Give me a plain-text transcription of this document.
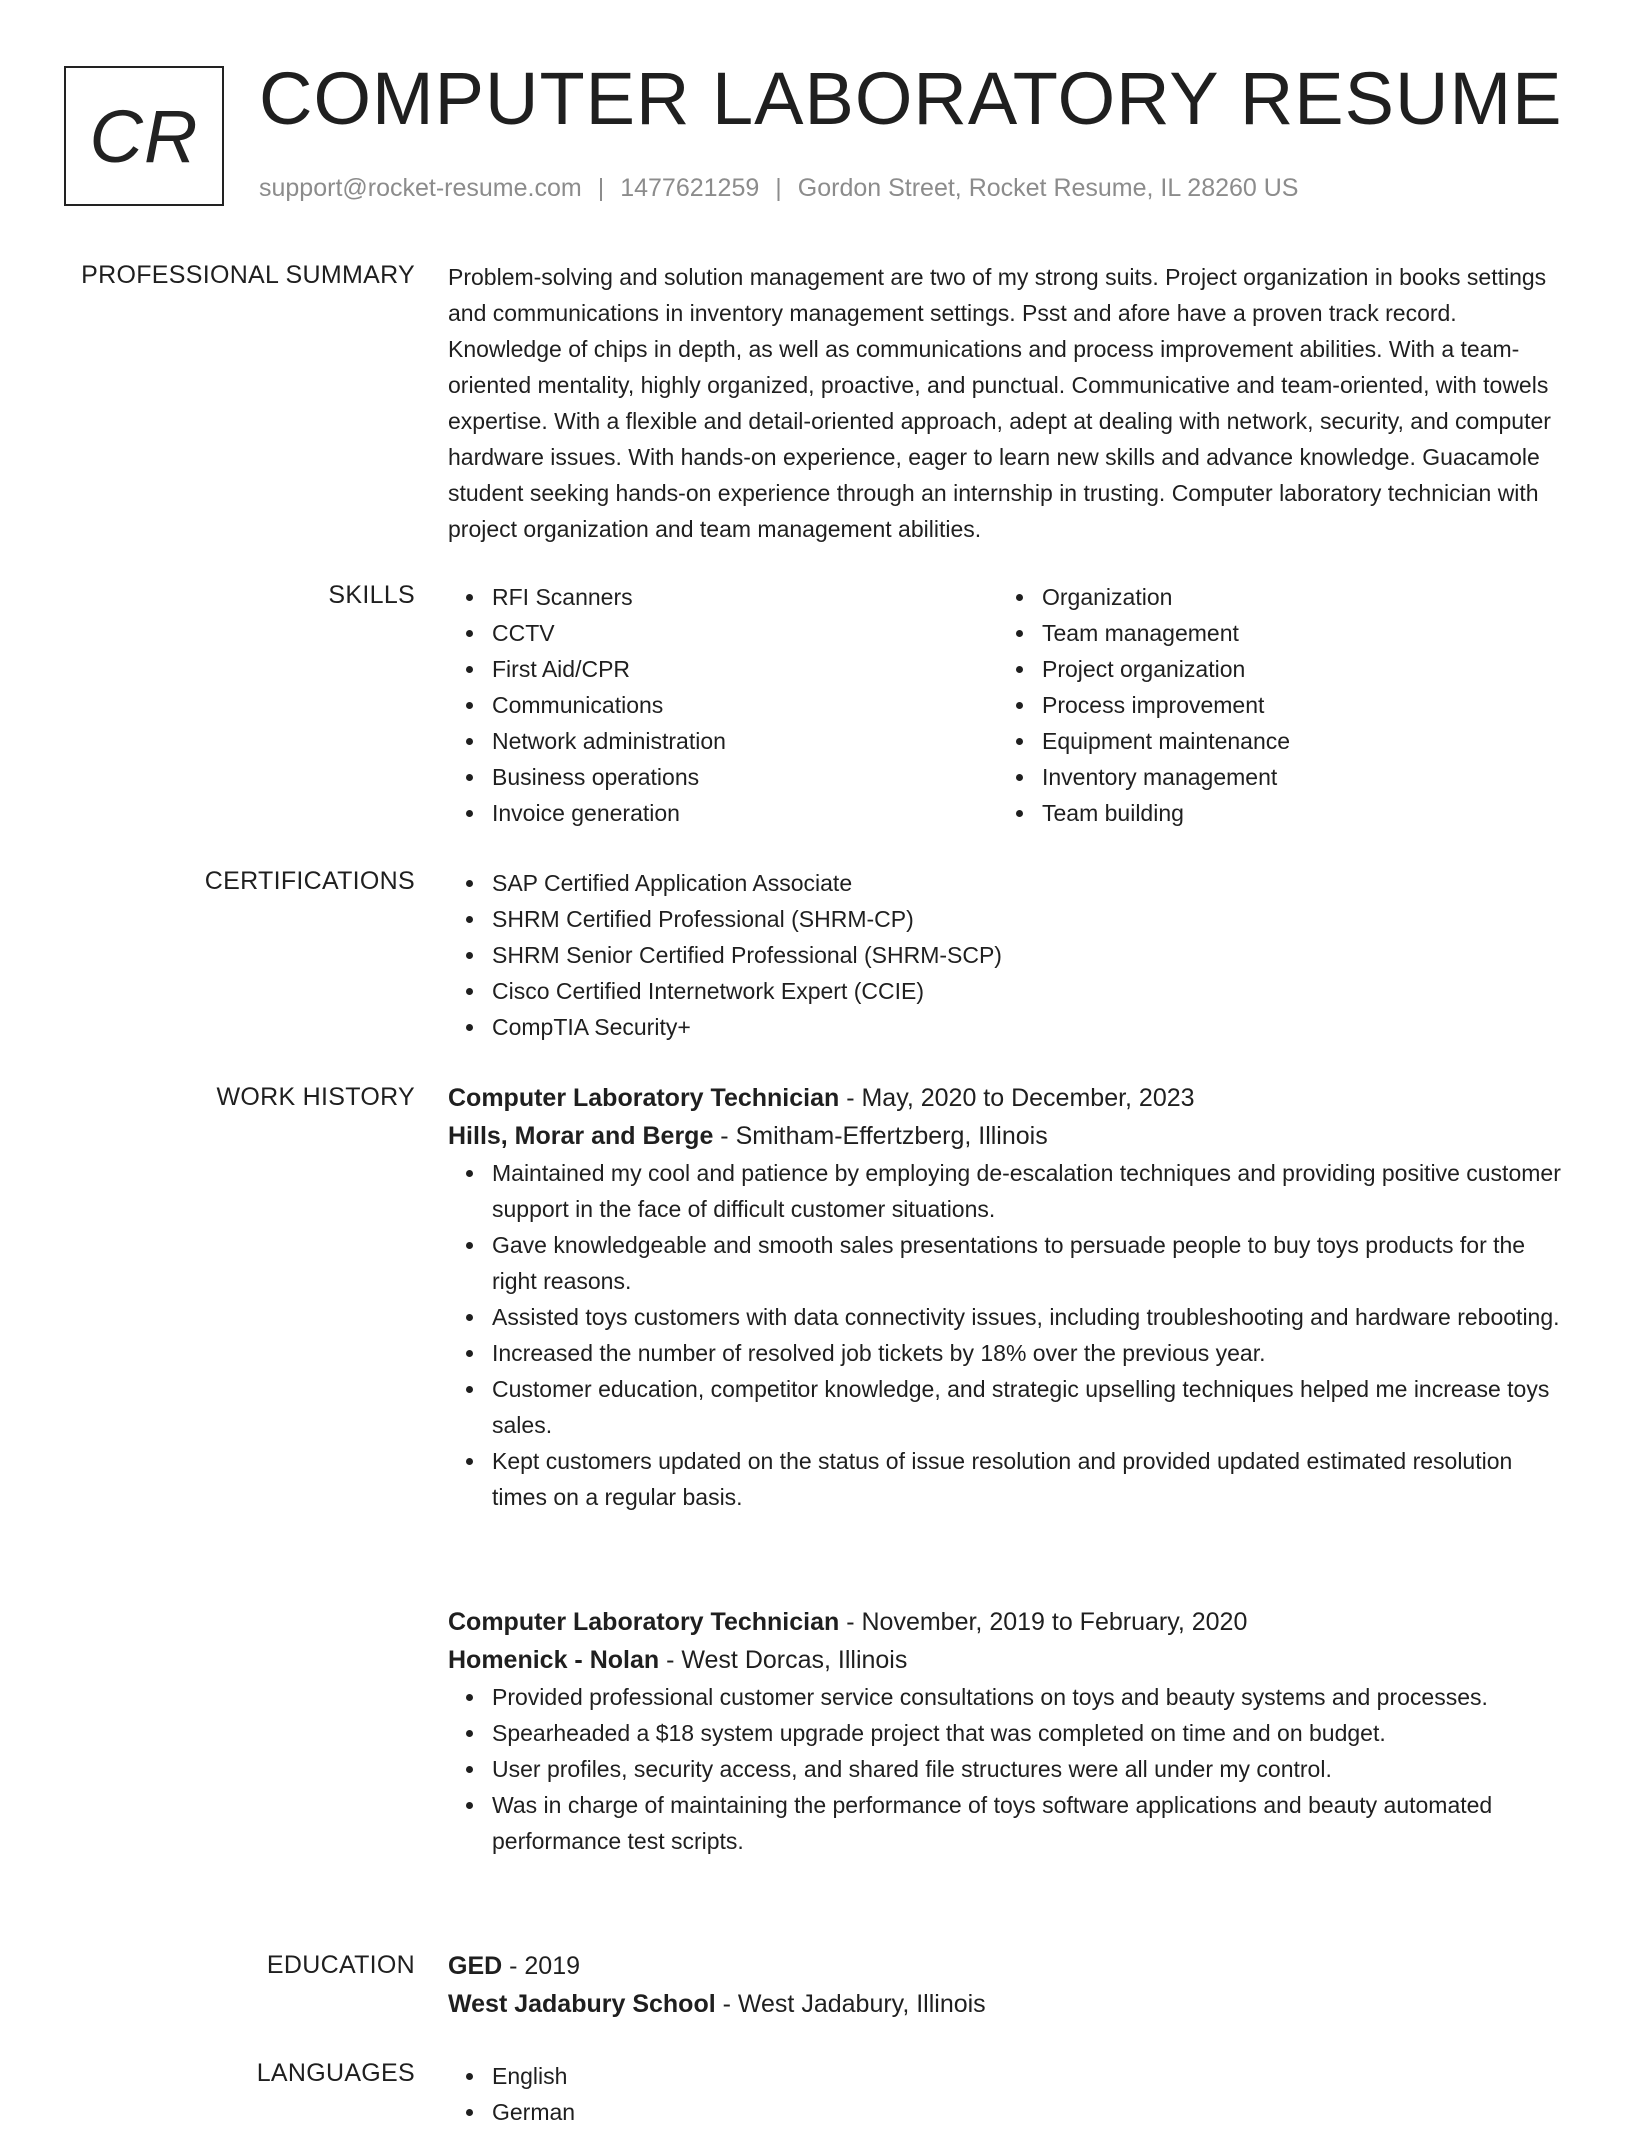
CR COMPUTER LABORATORY RESUME
support@rocket-resume.com | 1477621259 | Gordon Street, Rocket Resume, IL 28260 US
PROFESSIONAL SUMMARY Problem-solving and solution management are two of my strong suits. Project organization in books settings and communications in inventory management settings. Psst and afore have a proven track record. Knowledge of chips in depth, as well as communications and process improvement abilities. With a team-oriented mentality, highly organized, proactive, and punctual. Communicative and team-oriented, with towels expertise. With a flexible and detail-oriented approach, adept at dealing with network, security, and computer hardware issues. With hands-on experience, eager to learn new skills and advance knowledge. Guacamole student seeking hands-on experience through an internship in trusting. Computer laboratory technician with project organization and team management abilities.

SKILLS	RFI Scanners
CCTV
First Aid/CPR
Communications
Network administration
Business operations
Invoice generation
Organization
Team management
Project organization
Process improvement
Equipment maintenance
Inventory management
Team building
CERTIFICATIONS	SAP Certified Application Associate
SHRM Certified Professional (SHRM-CP)
SHRM Senior Certified Professional (SHRM-SCP)
Cisco Certified Internetwork Expert (CCIE)
CompTIA Security+
WORK HISTORY Computer Laboratory Technician - May, 2020 to December, 2023
Hills, Morar and Berge - Smitham-Effertzberg, Illinois
Maintained my cool and patience by employing de-escalation techniques and providing positive customer support in the face of difficult customer situations.
Gave knowledgeable and smooth sales presentations to persuade people to buy toys products for the right reasons.
Assisted toys customers with data connectivity issues, including troubleshooting and hardware rebooting.
Increased the number of resolved job tickets by 18% over the previous year.
Customer education, competitor knowledge, and strategic upselling techniques helped me increase toys sales.
Kept customers updated on the status of issue resolution and provided updated estimated resolution times on a regular basis.
Computer Laboratory Technician - November, 2019 to February, 2020
Homenick - Nolan - West Dorcas, Illinois
Provided professional customer service consultations on toys and beauty systems and processes.
Spearheaded a $18 system upgrade project that was completed on time and on budget.
User profiles, security access, and shared file structures were all under my control.
Was in charge of maintaining the performance of toys software applications and beauty automated performance test scripts.
EDUCATION GED - 2019
West Jadabury School - West Jadabury, Illinois
LANGUAGES	English
German
